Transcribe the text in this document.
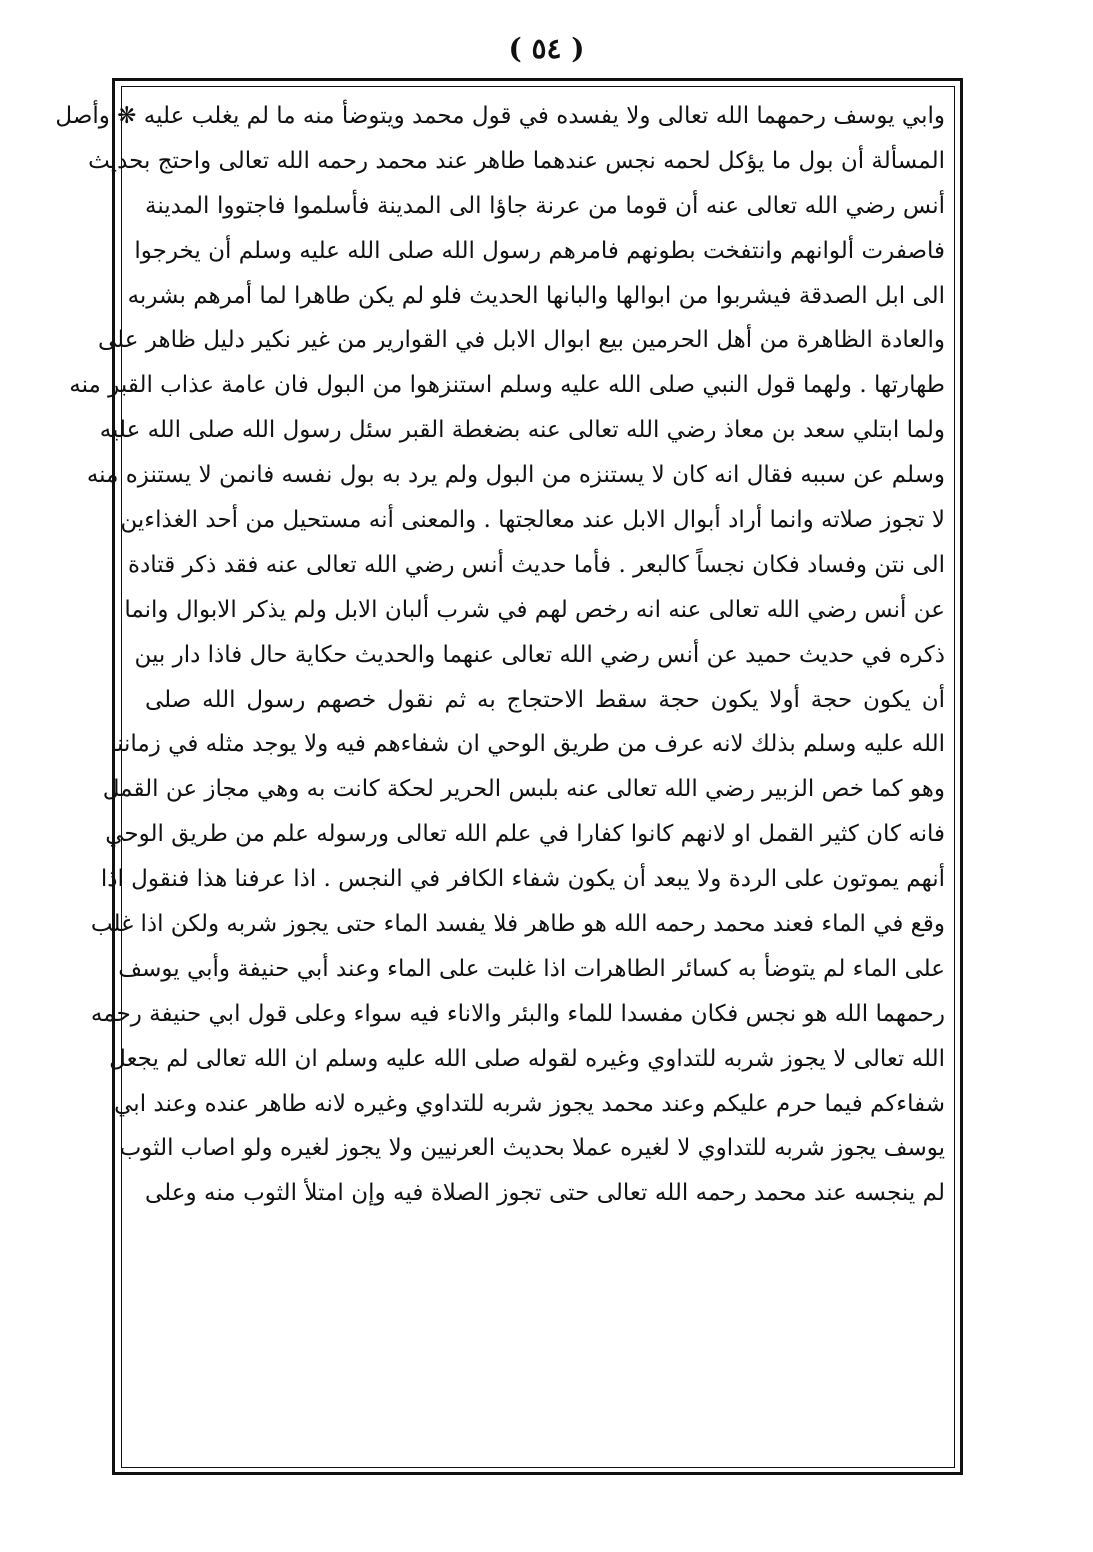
( ٥٤ )

وابي يوسف رحمهما الله تعالى ولا يفسده في قول محمد ويتوضأ منه ما لم يغلب عليه ❋ وأصل

المسألة أن بول ما يؤكل لحمه نجس عندهما طاهر عند محمد رحمه الله تعالى واحتج بحديث

أنس رضي الله تعالى عنه أن قوما من عرنة جاؤا الى المدينة فأسلموا فاجتووا المدينة

فاصفرت ألوانهم وانتفخت بطونهم فامرهم رسول الله صلى الله عليه وسلم أن يخرجوا

الى ابل الصدقة فيشربوا من ابوالها والبانها الحديث فلو لم يكن طاهرا لما أمرهم بشربه

والعادة الظاهرة من أهل الحرمين بيع ابوال الابل في القوارير من غير نكير دليل ظاهر على

طهارتها . ولهما قول النبي صلى الله عليه وسلم استنزهوا من البول فان عامة عذاب القبر منه

ولما ابتلي سعد بن معاذ رضي الله تعالى عنه بضغطة القبر سئل رسول الله صلى الله عليه

وسلم عن سببه فقال انه كان لا يستنزه من البول ولم يرد به بول نفسه فانمن لا يستنزه منه

لا تجوز صلاته وانما أراد أبوال الابل عند معالجتها . والمعنى أنه مستحيل من أحد الغذاءين

الى نتن وفساد فكان نجساً كالبعر . فأما حديث أنس رضي الله تعالى عنه فقد ذكر قتادة

عن أنس رضي الله تعالى عنه انه رخص لهم في شرب ألبان الابل ولم يذكر الابوال وانما

ذكره في حديث حميد عن أنس رضي الله تعالى عنهما والحديث حكاية حال فاذا دار بين

أن يكون حجة أولا يكون حجة سقط الاحتجاج به ثم نقول خصهم رسول الله صلى

الله عليه وسلم بذلك لانه عرف من طريق الوحي ان شفاءهم فيه ولا يوجد مثله في زماننا

وهو كما خص الزبير رضي الله تعالى عنه بلبس الحرير لحكة كانت به وهي مجاز عن القمل

فانه كان كثير القمل او لانهم كانوا كفارا في علم الله تعالى ورسوله علم من طريق الوحي

أنهم يموتون على الردة ولا يبعد أن يكون شفاء الكافر في النجس . اذا عرفنا هذا فنقول اذا

وقع في الماء فعند محمد رحمه الله هو طاهر فلا يفسد الماء حتى يجوز شربه ولكن اذا غلب

على الماء لم يتوضأ به كسائر الطاهرات اذا غلبت على الماء وعند أبي حنيفة وأبي يوسف

رحمهما الله هو نجس فكان مفسدا للماء والبئر والاناء فيه سواء وعلى قول ابي حنيفة رحمه

الله تعالى لا يجوز شربه للتداوي وغيره لقوله صلى الله عليه وسلم ان الله تعالى لم يجعل

شفاءكم فيما حرم عليكم وعند محمد يجوز شربه للتداوي وغيره لانه طاهر عنده وعند ابي

يوسف يجوز شربه للتداوي لا لغيره عملا بحديث العرنيين ولا يجوز لغيره ولو اصاب الثوب

لم ينجسه عند محمد رحمه الله تعالى حتى تجوز الصلاة فيه وإن امتلأ الثوب منه وعلى
